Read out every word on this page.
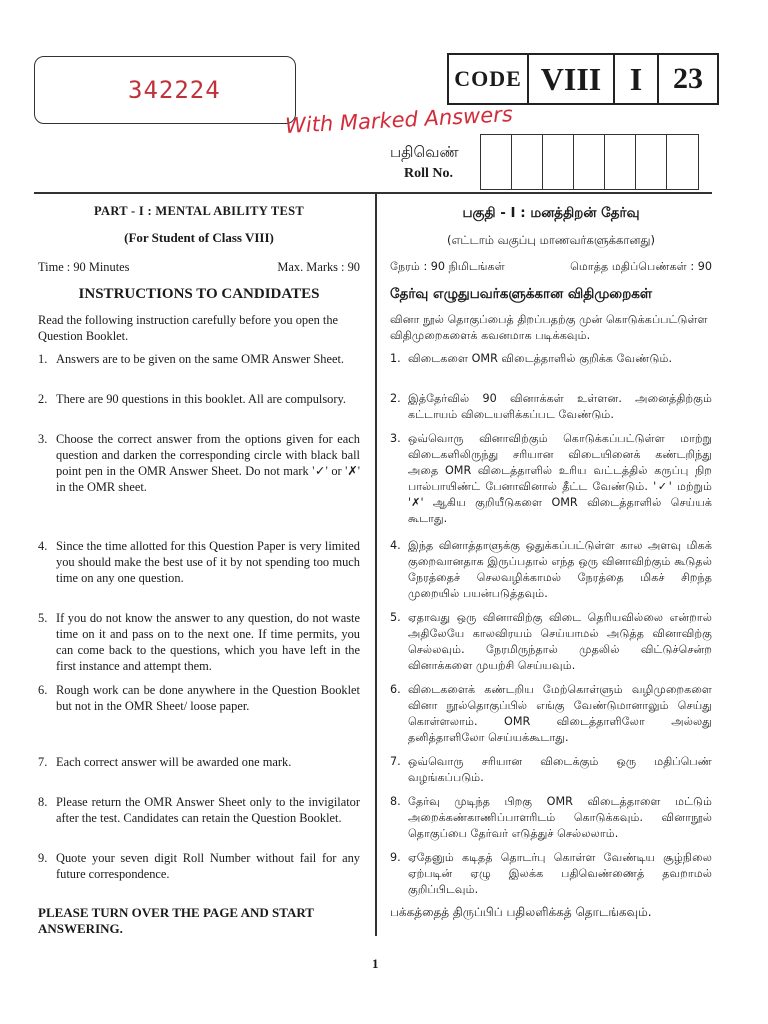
342224	CODE VIII I	23
With Marked Answers
பதிவெண்
Roll No.
PART - I : MENTAL ABILITY TEST
(For Student of Class VIII)
Time : 90 Minutes	Max. Marks : 90
INSTRUCTIONS TO CANDIDATES
Read the following instruction carefully before you open the Question Booklet.
பகுதி - I : மனத்திறன் தேர்வு
(எட்டாம் வகுப்பு மாணவர்களுக்கானது)
நேரம் : 90 நிமிடங்கள்	மொத்த மதிப்பெண்கள் : 90
தேர்வு எழுதுபவர்களுக்கான விதிமுறைகள்
வினா நூல் தொகுப்பைத் திறப்பதற்கு முன் கொடுக்கப்பட்டுள்ள விதிமுறைகளைக் கவனமாக படிக்கவும்.
1. Answers are to be given on the same OMR Answer Sheet.
2. There are 90 questions in this booklet. All are compulsory.
3. Choose the correct answer from the options given for each question and darken the corresponding circle with black ball point pen in the OMR Answer Sheet. Do not mark '✓' or '✗' in the OMR sheet.
4. Since the time allotted for this Question Paper is very limited you should make the best use of it by not spending too much time on any one question.
5. If you do not know the answer to any question, do not waste time on it and pass on to the next one. If time permits, you can come back to the questions, which you have left in the first instance and attempt them.
6. Rough work can be done anywhere in the Question Booklet but not in the OMR Sheet/ loose paper.
7. Each correct answer will be awarded one mark.
8. Please return the OMR Answer Sheet only to the invigilator after the test. Candidates can retain the Question Booklet.
9. Quote your seven digit Roll Number without fail for any future correspondence.
1. விடைகளை OMR விடைத்தாளில் குறிக்க வேண்டும்.
2. இத்தேர்வில் 90 வினாக்கள் உள்ளன. அனைத்திற்கும் கட்டாயம் விடையளிக்கப்பட வேண்டும்.
3. ஒவ்வொரு வினாவிற்கும் கொடுக்கப்பட்டுள்ள மாற்று விடைகளிலிருந்து சரியான விடையினைக் கண்டறிந்து அதை OMR விடைத்தாளில் உரிய வட்டத்தில் கருப்பு நிற பால்பாயிண்ட் பேனாவினால் தீட்ட வேண்டும். '✓' மற்றும் '✗' ஆகிய குறியீடுகளை OMR விடைத்தாளில் செய்யக் கூடாது.
4. இந்த வினாத்தாளுக்கு ஒதுக்கப்பட்டுள்ள கால அளவு மிகக் குறைவானதாக இருப்பதால் எந்த ஒரு வினாவிற்கும் கூடுதல் நேரத்தைச் செலவழிக்காமல் நேரத்தை மிகச் சிறந்த முறையில் பயன்படுத்தவும்.
5. ஏதாவது ஒரு வினாவிற்கு விடை தெரியவில்லை என்றால் அதிலேயே காலவிரயம் செய்யாமல் அடுத்த வினாவிற்கு செல்லவும். நேரமிருந்தால் முதலில் விட்டுச்சென்ற வினாக்களை முயற்சி செய்யவும்.
6. விடைகளைக் கண்டறிய மேற்கொள்ளும் வழிமுறைகளை வினா நூல்தொகுப்பில் எங்கு வேண்டுமானாலும் செய்து கொள்ளலாம். OMR விடைத்தாளிலோ அல்லது தனித்தாளிலோ செய்யக்கூடாது.
7. ஒவ்வொரு சரியான விடைக்கும் ஒரு மதிப்பெண் வழங்கப்படும்.
8. தேர்வு முடிந்த பிறகு OMR விடைத்தாளை மட்டும் அறைக்கண்காணிப்பாளரிடம் கொடுக்கவும். வினாநூல் தொகுப்பை தேர்வர் எடுத்துச் செல்லலாம்.
9. ஏதேனும் கடிதத் தொடர்பு கொள்ள வேண்டிய சூழ்நிலை ஏற்படின் ஏழு இலக்க பதிவெண்ணைத் தவறாமல் குறிப்பிடவும்.
PLEASE TURN OVER THE PAGE AND START ANSWERING.
பக்கத்தைத் திருப்பிப் பதிலளிக்கத் தொடங்கவும்.
1
